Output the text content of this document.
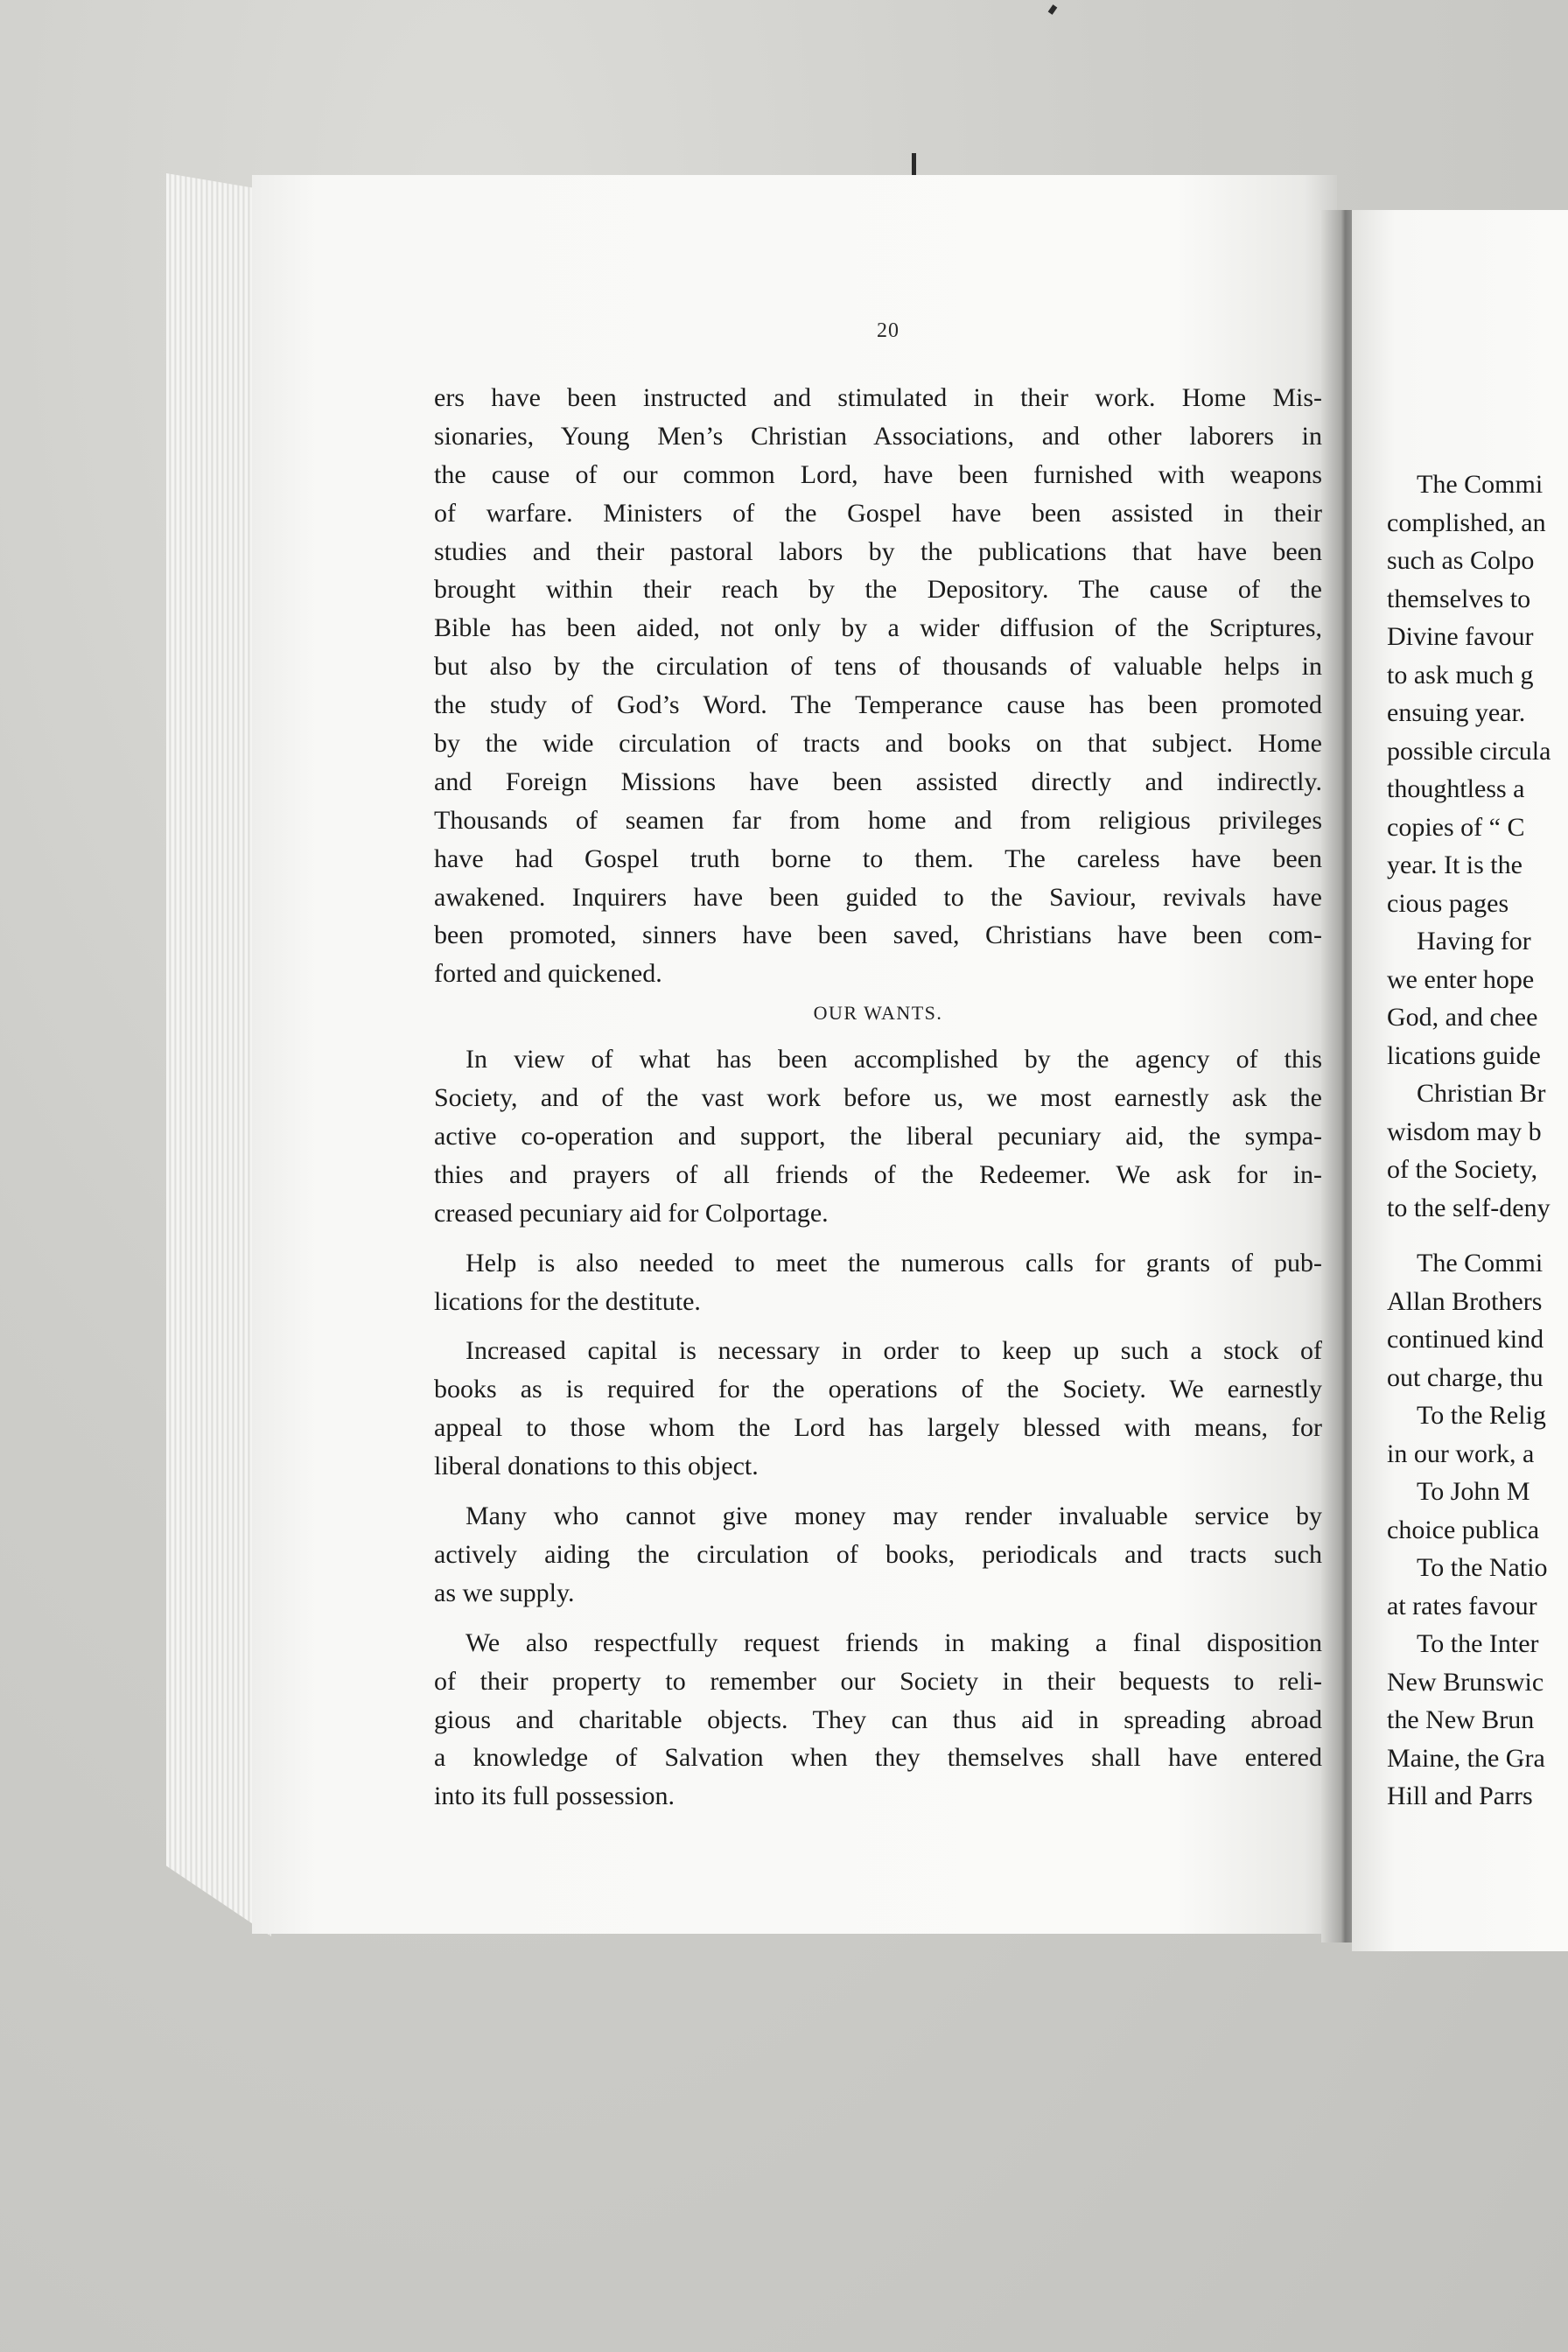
The Commi
complished, an
such as Colpo
themselves to
Divine favour
to ask much g
ensuing year.
possible circula
thoughtless a
copies of “ C
year. It is the
cious pages
Having for
we enter hope
God, and chee
lications guide
Christian Br
wisdom may b
of the Society,
to the self-deny
The Commi
Allan Brothers
continued kind
out charge, thu
To the Relig
in our work, a
To John M
choice publica
To the Natio
at rates favour
To the Inter
New Brunswic
the New Brun
Maine, the Gra
Hill and Parrs
20
ers have been instructed and stimulated in their work. Home Mis-
sionaries, Young Men’s Christian Associations, and other laborers in
the cause of our common Lord, have been furnished with weapons
of warfare. Ministers of the Gospel have been assisted in their
studies and their pastoral labors by the publications that have been
brought within their reach by the Depository. The cause of the
Bible has been aided, not only by a wider diffusion of the Scriptures,
but also by the circulation of tens of thousands of valuable helps in
the study of God’s Word. The Temperance cause has been promoted
by the wide circulation of tracts and books on that subject. Home
and Foreign Missions have been assisted directly and indirectly.
Thousands of seamen far from home and from religious privileges
have had Gospel truth borne to them. The careless have been
awakened. Inquirers have been guided to the Saviour, revivals have
been promoted, sinners have been saved, Christians have been com-
forted and quickened.
OUR WANTS.
In view of what has been accomplished by the agency of this
Society, and of the vast work before us, we most earnestly ask the
active co-operation and support, the liberal pecuniary aid, the sympa-
thies and prayers of all friends of the Redeemer. We ask for in-
creased pecuniary aid for Colportage.
Help is also needed to meet the numerous calls for grants of pub-
lications for the destitute.
Increased capital is necessary in order to keep up such a stock of
books as is required for the operations of the Society. We earnestly
appeal to those whom the Lord has largely blessed with means, for
liberal donations to this object.
Many who cannot give money may render invaluable service by
actively aiding the circulation of books, periodicals and tracts such
as we supply.
We also respectfully request friends in making a final disposition
of their property to remember our Society in their bequests to reli-
gious and charitable objects. They can thus aid in spreading abroad
a knowledge of Salvation when they themselves shall have entered
into its full possession.
